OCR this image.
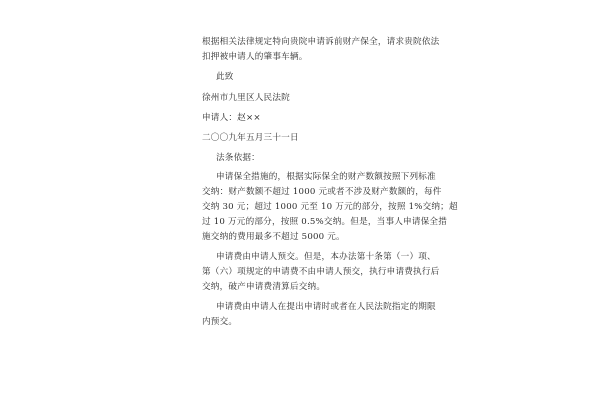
根据相关法律规定特向贵院申请诉前财产保全，请求贵院依法
扣押被申请人的肇事车辆。
此致
徐州市九里区人民法院
申请人：赵××
二〇〇九年五月三十一日
法条依据：
申请保全措施的，根据实际保全的财产数额按照下列标准
交纳：财产数额不超过 1000 元或者不涉及财产数额的，每件
交纳 30 元；超过 1000 元至 10 万元的部分，按照 1%交纳；超
过 10 万元的部分，按照 0.5%交纳。但是，当事人申请保全措
施交纳的费用最多不超过 5000 元。
申请费由申请人预交。但是，本办法第十条第（一）项、
第（六）项规定的申请费不由申请人预交，执行申请费执行后
交纳，破产申请费清算后交纳。
申请费由申请人在提出申请时或者在人民法院指定的期限
内预交。
